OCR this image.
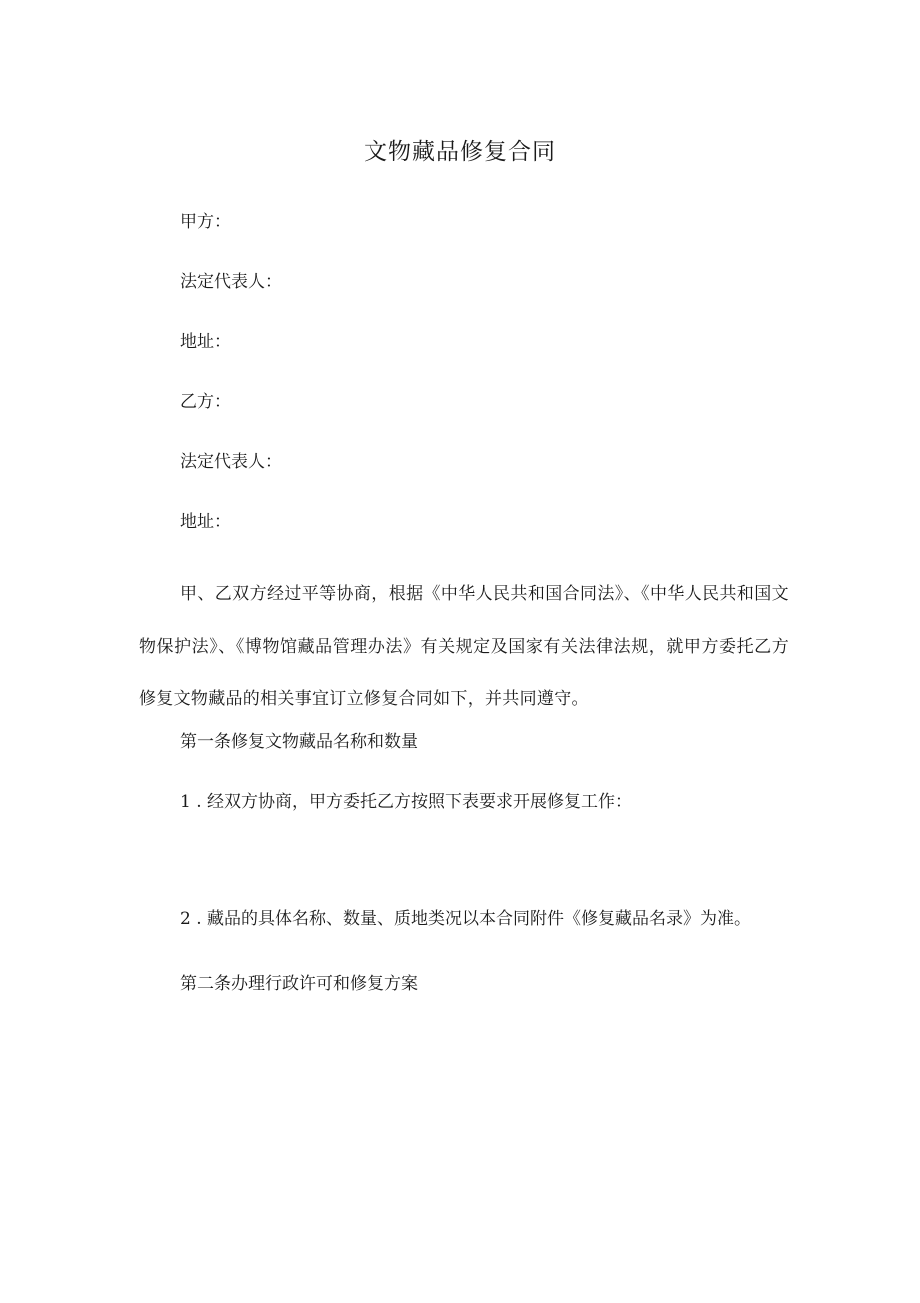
文物藏品修复合同
甲方：
法定代表人：
地址：
乙方：
法定代表人：
地址：
甲、乙双方经过平等协商，根据《中华人民共和国合同法》、《中华人民共和国文物保护法》、《博物馆藏品管理办法》有关规定及国家有关法律法规，就甲方委托乙方修复文物藏品的相关事宜订立修复合同如下，并共同遵守。
第一条修复文物藏品名称和数量
1 . 经双方协商，甲方委托乙方按照下表要求开展修复工作：
2 . 藏品的具体名称、数量、质地类况以本合同附件《修复藏品名录》为准。
第二条办理行政许可和修复方案
